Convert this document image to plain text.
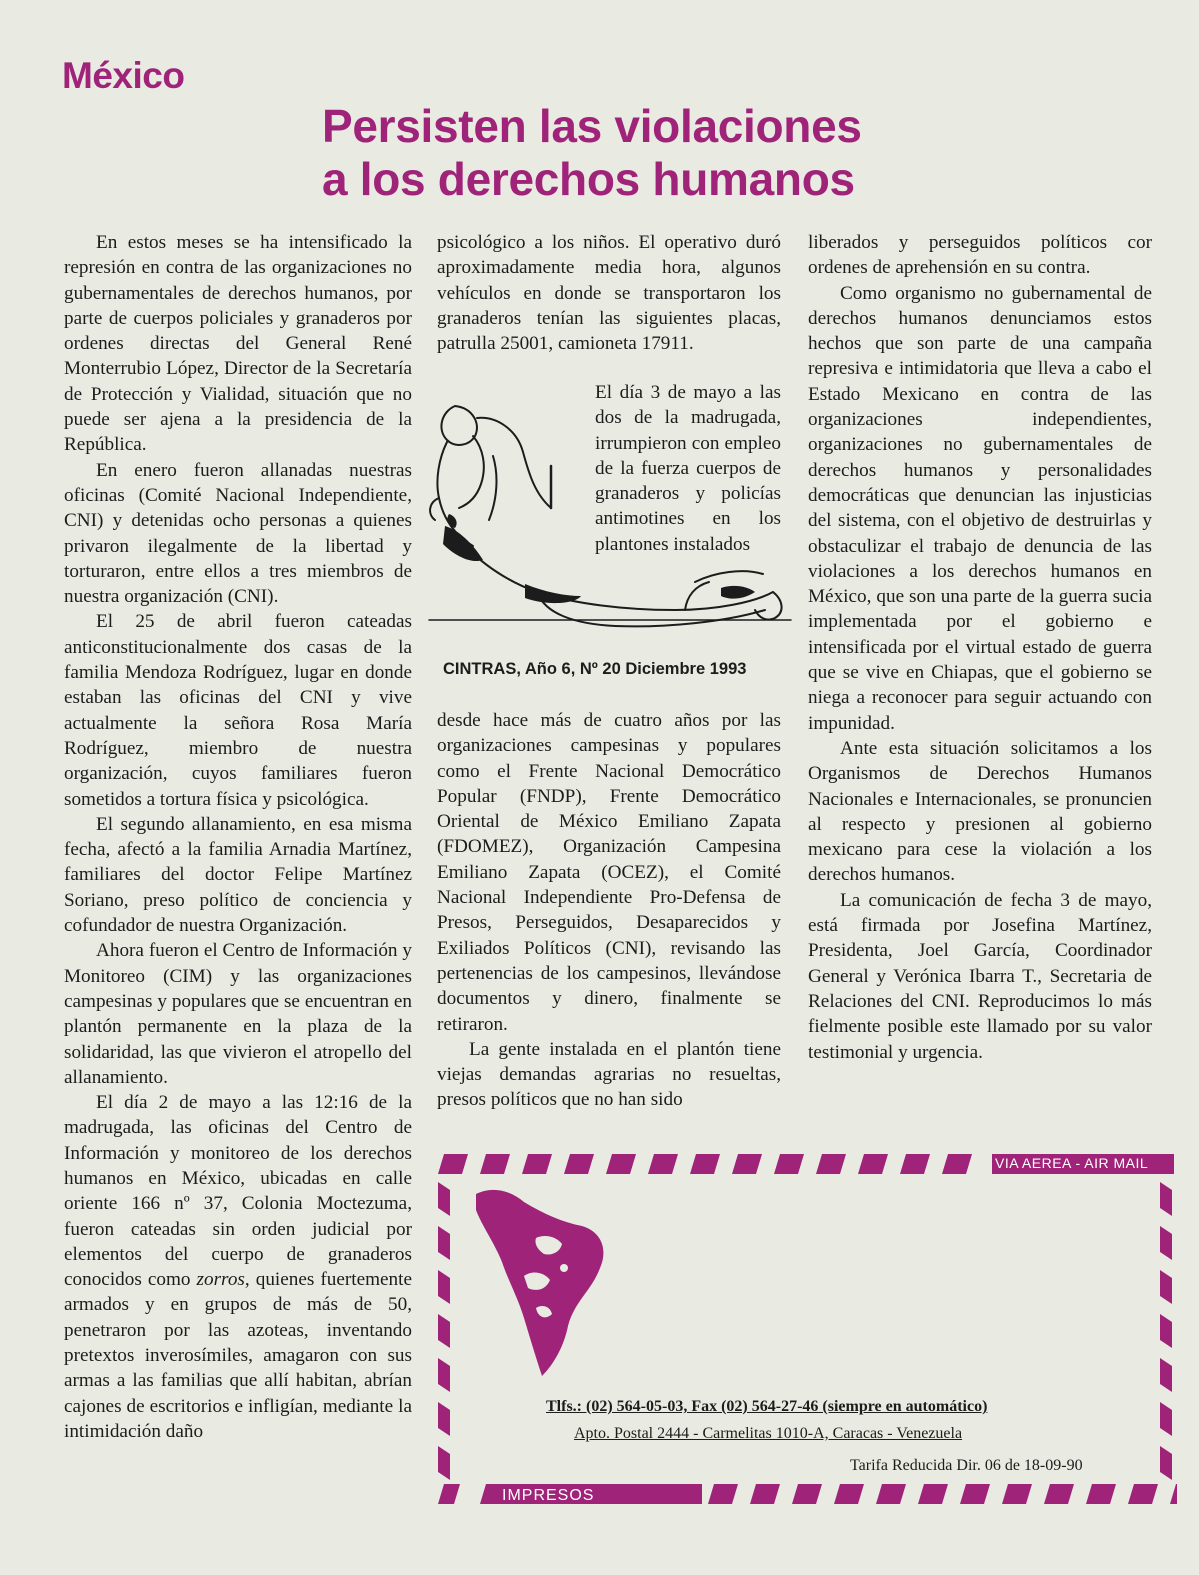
México
Persisten las violaciones
a los derechos humanos

En estos meses se ha intensificado la represión en contra de las organizaciones no gubernamentales de derechos humanos, por parte de cuerpos policiales y granaderos por ordenes directas del General René Monterrubio López, Director de la Secretaría de Protección y Vialidad, situación que no puede ser ajena a la presidencia de la República.

En enero fueron allanadas nuestras oficinas (Comité Nacional Independiente, CNI) y detenidas ocho personas a quienes privaron ilegalmente de la libertad y torturaron, entre ellos a tres miembros de nuestra organización (CNI).

El 25 de abril fueron cateadas anticonstitucionalmente dos casas de la familia Mendoza Rodríguez, lugar en donde estaban las oficinas del CNI y vive actualmente la señora Rosa María Rodríguez, miembro de nuestra organización, cuyos familiares fueron sometidos a tortura física y psicológica.

El segundo allanamiento, en esa misma fecha, afectó a la familia Arnadia Martínez, familiares del doctor Felipe Martínez Soriano, preso político de conciencia y cofundador de nuestra Organización.

Ahora fueron el Centro de Información y Monitoreo (CIM) y las organizaciones campesinas y populares que se encuentran en plantón permanente en la plaza de la solidaridad, las que vivieron el atropello del allanamiento.

El día 2 de mayo a las 12:16 de la madrugada, las oficinas del Centro de Información y monitoreo de los derechos humanos en México, ubicadas en calle oriente 166 nº 37, Colonia Moctezuma, fueron cateadas sin orden judicial por elementos del cuerpo de granaderos conocidos como zorros, quienes fuertemente armados y en grupos de más de 50, penetraron por las azoteas, inventando pretextos inverosímiles, amagaron con sus armas a las familias que allí habitan, abrían cajones de escritorios e infligían, mediante la intimidación daño

psicológico a los niños. El operativo duró aproximadamente media hora, algunos vehículos en donde se transportaron los granaderos tenían las siguientes placas, patrulla 25001, camioneta 17911.

El día 3 de mayo a las dos de la madrugada, irrumpieron con empleo de la fuerza cuerpos de granaderos y policías antimotines en los plantones instalados

CINTRAS, Año 6, Nº 20 Diciembre 1993

desde hace más de cuatro años por las organizaciones campesinas y populares como el Frente Nacional Democrático Popular (FNDP), Frente Democrático Oriental de México Emiliano Zapata (FDOMEZ), Organización Campesina Emiliano Zapata (OCEZ), el Comité Nacional Independiente Pro-Defensa de Presos, Perseguidos, Desaparecidos y Exiliados Políticos (CNI), revisando las pertenencias de los campesinos, llevándose documentos y dinero, finalmente se retiraron.

La gente instalada en el plantón tiene viejas demandas agrarias no resueltas, presos políticos que no han sido

liberados y perseguidos políticos cor ordenes de aprehensión en su contra.

Como organismo no gubernamental de derechos humanos denunciamos estos hechos que son parte de una campaña represiva e intimidatoria que lleva a cabo el Estado Mexicano en contra de las organizaciones independientes, organizaciones no gubernamentales de derechos humanos y personalidades democráticas que denuncian las injusticias del sistema, con el objetivo de destruirlas y obstaculizar el trabajo de denuncia de las violaciones a los derechos humanos en México, que son una parte de la guerra sucia implementada por el gobierno e intensificada por el virtual estado de guerra que se vive en Chiapas, que el gobierno se niega a reconocer para seguir actuando con impunidad.

Ante esta situación solicitamos a los Organismos de Derechos Humanos Nacionales e Internacionales, se pronuncien al respecto y presionen al gobierno mexicano para cese la violación a los derechos humanos.

La comunicación de fecha 3 de mayo, está firmada por Josefina Martínez, Presidenta, Joel García, Coordinador General y Verónica Ibarra T., Secretaria de Relaciones del CNI. Reproducimos lo más fielmente posible este llamado por su valor testimonial y urgencia.

VIA AEREA - AIR MAIL
IMPRESOS
Tlfs.: (02) 564-05-03, Fax (02) 564-27-46 (siempre en automático)
Apto. Postal 2444 - Carmelitas 1010-A, Caracas - Venezuela
Tarifa Reducida Dir. 06 de 18-09-90
